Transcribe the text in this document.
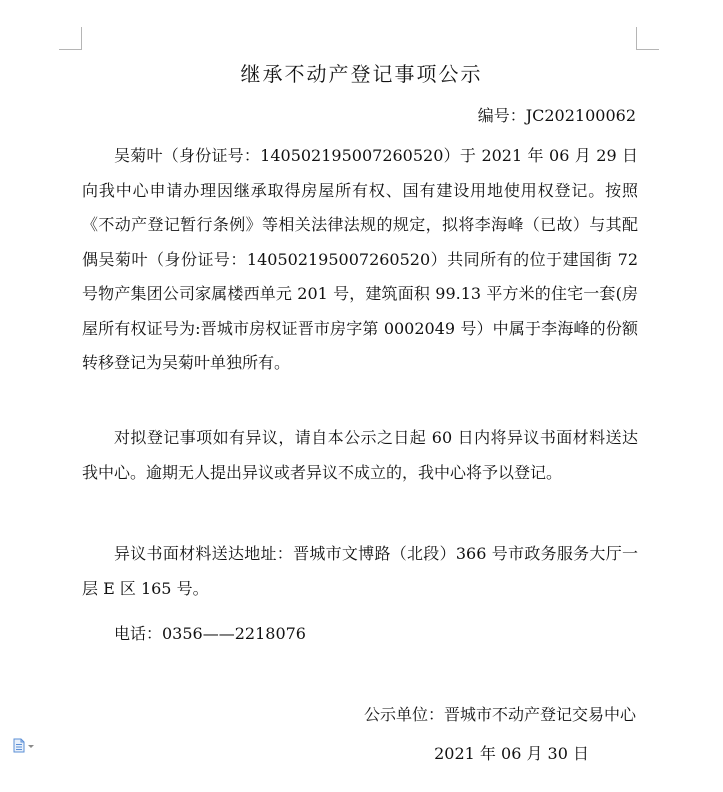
继承不动产登记事项公示
编号：JC202100062

吴菊叶（身份证号：140502195007260520）于 2021 年 06 月 29 日向我中心申请办理因继承取得房屋所有权、国有建设用地使用权登记。按照《不动产登记暂行条例》等相关法律法规的规定，拟将李海峰（已故）与其配偶吴菊叶（身份证号：140502195007260520）共同所有的位于建国街 72 号物产集团公司家属楼西单元 201 号，建筑面积 99.13 平方米的住宅一套(房屋所有权证号为:晋城市房权证晋市房字第 0002049 号）中属于李海峰的份额转移登记为吴菊叶单独所有。

对拟登记事项如有异议，请自本公示之日起 60 日内将异议书面材料送达我中心。逾期无人提出异议或者异议不成立的，我中心将予以登记。

异议书面材料送达地址：晋城市文博路（北段）366 号市政务服务大厅一层 E 区 165 号。

电话：0356——2218076

公示单位：晋城市不动产登记交易中心
2021 年 06 月 30 日
